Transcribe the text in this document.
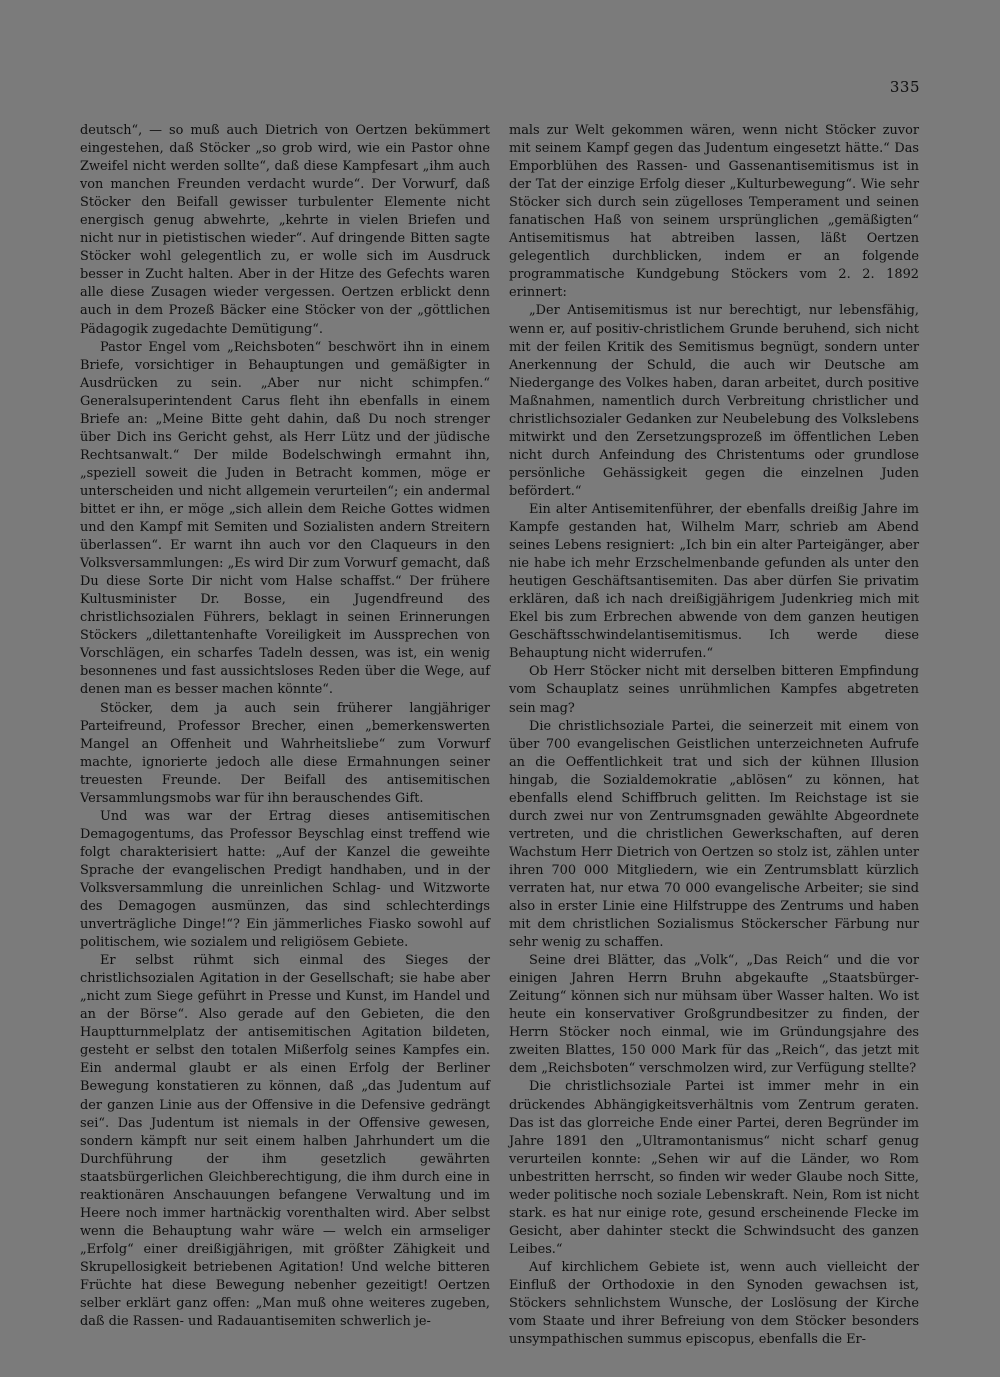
335

deutsch“, — so muß auch Dietrich von Oertzen bekümmert eingestehen, daß Stöcker „so grob wird, wie ein Pastor ohne Zweifel nicht werden sollte“, daß diese Kampfesart „ihm auch von manchen Freunden verdacht wurde“. Der Vorwurf, daß Stöcker den Beifall gewisser turbulenter Elemente nicht energisch genug abwehrte, „kehrte in vielen Briefen und nicht nur in pietistischen wieder“. Auf dringende Bitten sagte Stöcker wohl gelegentlich zu, er wolle sich im Ausdruck besser in Zucht halten. Aber in der Hitze des Gefechts waren alle diese Zusagen wieder vergessen. Oertzen erblickt denn auch in dem Prozeß Bäcker eine Stöcker von der „göttlichen Pädagogik zugedachte Demütigung“.

Pastor Engel vom „Reichsboten“ beschwört ihn in einem Briefe, vorsichtiger in Behauptungen und gemäßigter in Ausdrücken zu sein. „Aber nur nicht schimpfen.“ Generalsuperintendent Carus fleht ihn ebenfalls in einem Briefe an: „Meine Bitte geht dahin, daß Du noch strenger über Dich ins Gericht gehst, als Herr Lütz und der jüdische Rechtsanwalt.“ Der milde Bodelschwingh ermahnt ihn, „speziell soweit die Juden in Betracht kommen, möge er unterscheiden und nicht allgemein verurteilen“; ein andermal bittet er ihn, er möge „sich allein dem Reiche Gottes widmen und den Kampf mit Semiten und Sozialisten andern Streitern überlassen“. Er warnt ihn auch vor den Claqueurs in den Volksversammlungen: „Es wird Dir zum Vorwurf gemacht, daß Du diese Sorte Dir nicht vom Halse schaffst.“ Der frühere Kultusminister Dr. Bosse, ein Jugendfreund des christlichsozialen Führers, beklagt in seinen Erinnerungen Stöckers „dilettantenhafte Voreiligkeit im Aussprechen von Vorschlägen, ein scharfes Tadeln dessen, was ist, ein wenig besonnenes und fast aussichtsloses Reden über die Wege, auf denen man es besser machen könnte“.

Stöcker, dem ja auch sein früherer langjähriger Parteifreund, Professor Brecher, einen „bemerkenswerten Mangel an Offenheit und Wahrheitsliebe“ zum Vorwurf machte, ignorierte jedoch alle diese Ermahnungen seiner treuesten Freunde. Der Beifall des antisemitischen Versammlungsmobs war für ihn berauschendes Gift.

Und was war der Ertrag dieses antisemitischen Demagogentums, das Professor Beyschlag einst treffend wie folgt charakterisiert hatte: „Auf der Kanzel die geweihte Sprache der evangelischen Predigt handhaben, und in der Volksversammlung die unreinlichen Schlag- und Witzworte des Demagogen ausmünzen, das sind schlechterdings unverträgliche Dinge!“? Ein jämmerliches Fiasko sowohl auf politischem, wie sozialem und religiösem Gebiete.

Er selbst rühmt sich einmal des Sieges der christlichsozialen Agitation in der Gesellschaft; sie habe aber „nicht zum Siege geführt in Presse und Kunst, im Handel und an der Börse“. Also gerade auf den Gebieten, die den Hauptturnmelplatz der antisemitischen Agitation bildeten, gesteht er selbst den totalen Mißerfolg seines Kampfes ein. Ein andermal glaubt er als einen Erfolg der Berliner Bewegung konstatieren zu können, daß „das Judentum auf der ganzen Linie aus der Offensive in die Defensive gedrängt sei“. Das Judentum ist niemals in der Offensive gewesen, sondern kämpft nur seit einem halben Jahrhundert um die Durchführung der ihm gesetzlich gewährten staatsbürgerlichen Gleichberechtigung, die ihm durch eine in reaktionären Anschauungen befangene Verwaltung und im Heere noch immer hartnäckig vorenthalten wird. Aber selbst wenn die Behauptung wahr wäre — welch ein armseliger „Erfolg“ einer dreißigjährigen, mit größter Zähigkeit und Skrupellosigkeit betriebenen Agitation! Und welche bitteren Früchte hat diese Bewegung nebenher gezeitigt! Oertzen selber erklärt ganz offen: „Man muß ohne weiteres zugeben, daß die Rassen- und Radauantisemiten schwerlich je-

mals zur Welt gekommen wären, wenn nicht Stöcker zuvor mit seinem Kampf gegen das Judentum eingesetzt hätte.“ Das Emporblühen des Rassen- und Gassenantisemitismus ist in der Tat der einzige Erfolg dieser „Kulturbewegung“. Wie sehr Stöcker sich durch sein zügelloses Temperament und seinen fanatischen Haß von seinem ursprünglichen „gemäßigten“ Antisemitismus hat abtreiben lassen, läßt Oertzen gelegentlich durchblicken, indem er an folgende programmatische Kundgebung Stöckers vom 2. 2. 1892 erinnert:

„Der Antisemitismus ist nur berechtigt, nur lebensfähig, wenn er, auf positiv-christlichem Grunde beruhend, sich nicht mit der feilen Kritik des Semitismus begnügt, sondern unter Anerkennung der Schuld, die auch wir Deutsche am Niedergange des Volkes haben, daran arbeitet, durch positive Maßnahmen, namentlich durch Verbreitung christlicher und christlichsozialer Gedanken zur Neubelebung des Volkslebens mitwirkt und den Zersetzungsprozeß im öffentlichen Leben nicht durch Anfeindung des Christentums oder grundlose persönliche Gehässigkeit gegen die einzelnen Juden befördert.“

Ein alter Antisemitenführer, der ebenfalls dreißig Jahre im Kampfe gestanden hat, Wilhelm Marr, schrieb am Abend seines Lebens resigniert: „Ich bin ein alter Parteigänger, aber nie habe ich mehr Erzschelmenbande gefunden als unter den heutigen Geschäftsantisemiten. Das aber dürfen Sie privatim erklären, daß ich nach dreißigjährigem Judenkrieg mich mit Ekel bis zum Erbrechen abwende von dem ganzen heutigen Geschäftsschwindelantisemitismus. Ich werde diese Behauptung nicht widerrufen.“

Ob Herr Stöcker nicht mit derselben bitteren Empfindung vom Schauplatz seines unrühmlichen Kampfes abgetreten sein mag?

Die christlichsoziale Partei, die seinerzeit mit einem von über 700 evangelischen Geistlichen unterzeichneten Aufrufe an die Oeffentlichkeit trat und sich der kühnen Illusion hingab, die Sozialdemokratie „ablösen“ zu können, hat ebenfalls elend Schiffbruch gelitten. Im Reichstage ist sie durch zwei nur von Zentrumsgnaden gewählte Abgeordnete vertreten, und die christlichen Gewerkschaften, auf deren Wachstum Herr Dietrich von Oertzen so stolz ist, zählen unter ihren 700 000 Mitgliedern, wie ein Zentrumsblatt kürzlich verraten hat, nur etwa 70 000 evangelische Arbeiter; sie sind also in erster Linie eine Hilfstruppe des Zentrums und haben mit dem christlichen Sozialismus Stöckerscher Färbung nur sehr wenig zu schaffen.

Seine drei Blätter, das „Volk“, „Das Reich“ und die vor einigen Jahren Herrn Bruhn abgekaufte „Staatsbürger-Zeitung“ können sich nur mühsam über Wasser halten. Wo ist heute ein konservativer Großgrundbesitzer zu finden, der Herrn Stöcker noch einmal, wie im Gründungsjahre des zweiten Blattes, 150 000 Mark für das „Reich“, das jetzt mit dem „Reichsboten“ verschmolzen wird, zur Verfügung stellte?

Die christlichsoziale Partei ist immer mehr in ein drückendes Abhängigkeitsverhältnis vom Zentrum geraten. Das ist das glorreiche Ende einer Partei, deren Begründer im Jahre 1891 den „Ultramontanismus“ nicht scharf genug verurteilen konnte: „Sehen wir auf die Länder, wo Rom unbestritten herrscht, so finden wir weder Glaube noch Sitte, weder politische noch soziale Lebenskraft. Nein, Rom ist nicht stark. es hat nur einige rote, gesund erscheinende Flecke im Gesicht, aber dahinter steckt die Schwindsucht des ganzen Leibes.“

Auf kirchlichem Gebiete ist, wenn auch vielleicht der Einfluß der Orthodoxie in den Synoden gewachsen ist, Stöckers sehnlichstem Wunsche, der Loslösung der Kirche vom Staate und ihrer Befreiung von dem Stöcker besonders unsympathischen summus episcopus, ebenfalls die Er-
